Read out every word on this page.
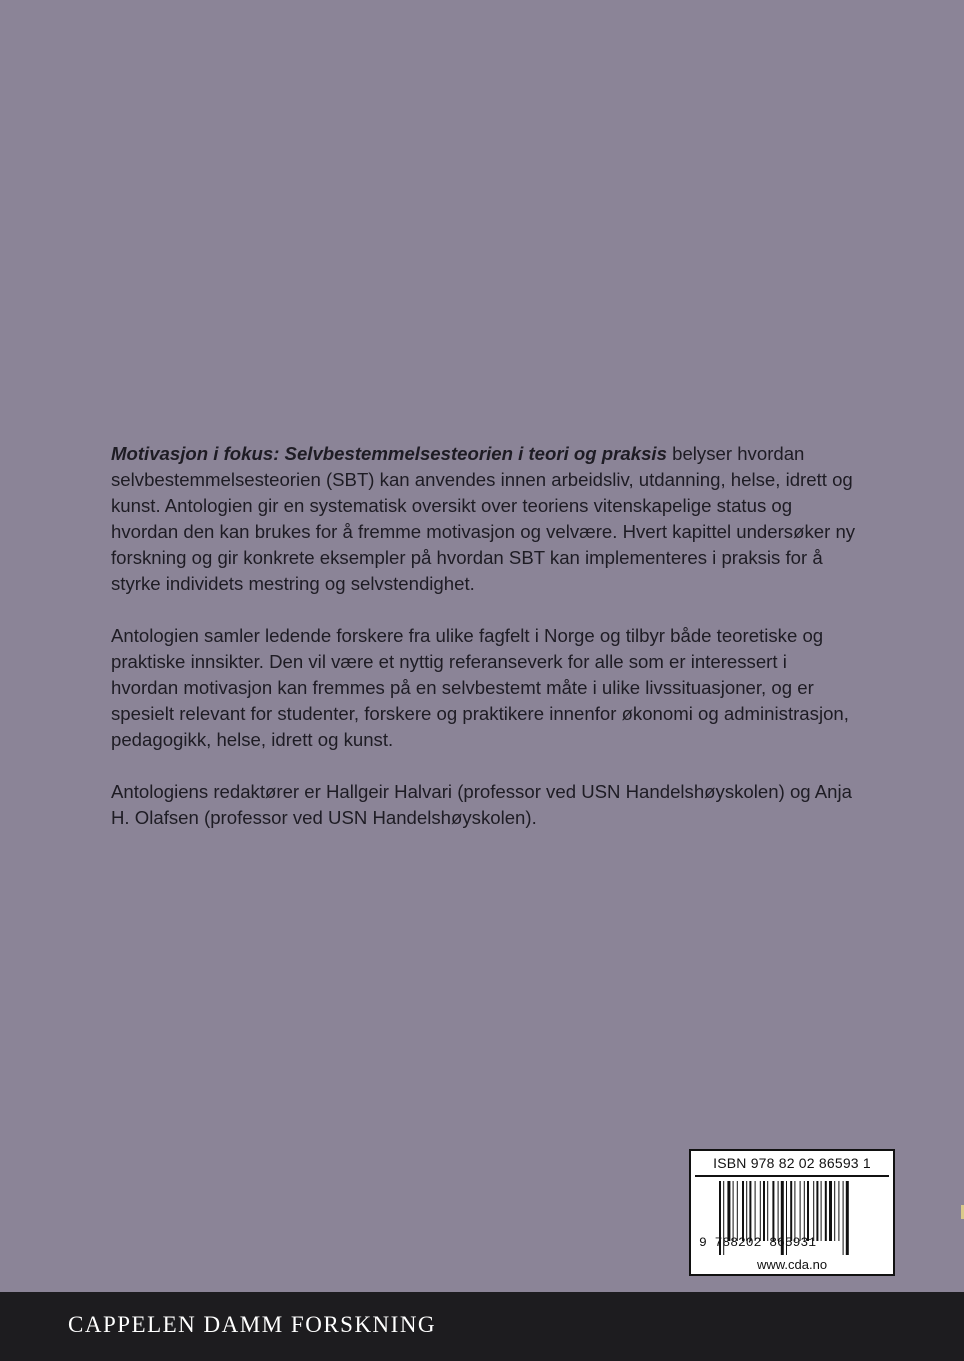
Motivasjon i fokus: Selvbestemmelsesteorien i teori og praksis belyser hvordan selvbestemmelsesteorien (SBT) kan anvendes innen arbeidsliv, utdanning, helse, idrett og kunst. Antologien gir en systematisk oversikt over teoriens vitenskapelige status og hvordan den kan brukes for å fremme motivasjon og velvære. Hvert kapittel undersøker ny forskning og gir konkrete eksempler på hvordan SBT kan implementeres i praksis for å styrke individets mestring og selvstendighet.

Antologien samler ledende forskere fra ulike fagfelt i Norge og tilbyr både teoretiske og praktiske innsikter. Den vil være et nyttig referanseverk for alle som er interessert i hvordan motivasjon kan fremmes på en selvbestemt måte i ulike livssituasjoner, og er spesielt relevant for studenter, forskere og praktikere innenfor økonomi og administrasjon, pedagogikk, helse, idrett og kunst.

Antologiens redaktører er Hallgeir Halvari (professor ved USN Handelshøyskolen) og Anja H. Olafsen (professor ved USN Handelshøyskolen).

ISBN 978 82 02 86593 1
9 788202 865931
www.cda.no
CAPPELEN DAMM FORSKNING
